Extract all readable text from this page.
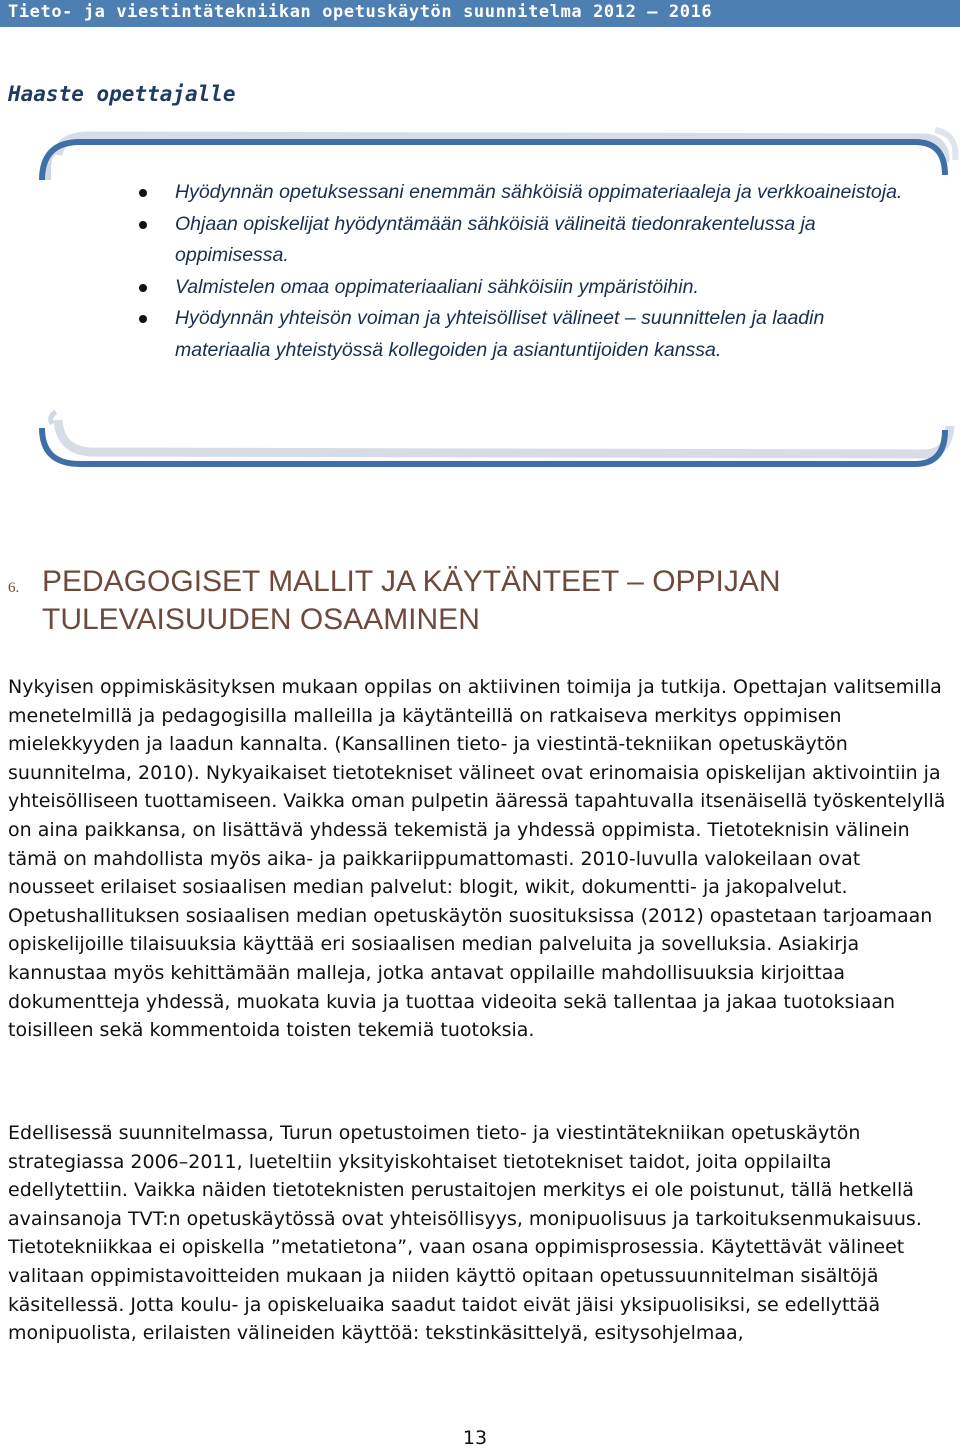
Tieto- ja viestintätekniikan opetuskäytön suunnitelma 2012 – 2016
Haaste opettajalle
Hyödynnän opetuksessani enemmän sähköisiä oppimateriaaleja ja verkkoaineistoja.
Ohjaan opiskelijat hyödyntämään sähköisiä välineitä tiedonrakentelussa ja oppimisessa.
Valmistelen omaa oppimateriaaliani sähköisiin ympäristöihin.
Hyödynnän yhteisön voiman ja yhteisölliset välineet – suunnittelen ja laadin materiaalia yhteistyössä kollegoiden ja asiantuntijoiden kanssa.
6. PEDAGOGISET MALLIT JA KÄYTÄNTEET – OPPIJAN TULEVAISUUDEN OSAAMINEN

Nykyisen oppimiskäsityksen mukaan oppilas on aktiivinen toimija ja tutkija. Opettajan valitsemilla menetelmillä ja pedagogisilla malleilla ja käytänteillä on ratkaiseva merkitys oppimisen mielekkyyden ja laadun kannalta. (Kansallinen tieto- ja viestintä-tekniikan opetuskäytön suunnitelma, 2010). Nykyaikaiset tietotekniset välineet ovat erinomaisia opiskelijan aktivointiin ja yhteisölliseen tuottamiseen. Vaikka oman pulpetin ääressä tapahtuvalla itsenäisellä työskentelyllä on aina paikkansa, on lisättävä yhdessä tekemistä ja yhdessä oppimista. Tietoteknisin välinein tämä on mahdollista myös aika- ja paikkariippumattomasti. 2010-luvulla valokeilaan ovat nousseet erilaiset sosiaalisen median palvelut: blogit, wikit, dokumentti- ja jakopalvelut. Opetushallituksen sosiaalisen median opetuskäytön suosituksissa (2012) opastetaan tarjoamaan opiskelijoille tilaisuuksia käyttää eri sosiaalisen median palveluita ja sovelluksia. Asiakirja kannustaa myös kehittämään malleja, jotka antavat oppilaille mahdollisuuksia kirjoittaa dokumentteja yhdessä, muokata kuvia ja tuottaa videoita sekä tallentaa ja jakaa tuotoksiaan toisilleen sekä kommentoida toisten tekemiä tuotoksia.

Edellisessä suunnitelmassa, Turun opetustoimen tieto- ja viestintätekniikan opetuskäytön strategiassa 2006–2011, lueteltiin yksityiskohtaiset tietotekniset taidot, joita oppilailta edellytettiin. Vaikka näiden tietoteknisten perustaitojen merkitys ei ole poistunut, tällä hetkellä avainsanoja TVT:n opetuskäytössä ovat yhteisöllisyys, monipuolisuus ja tarkoituksenmukaisuus. Tietotekniikkaa ei opiskella ”metatietona”, vaan osana oppimisprosessia. Käytettävät välineet valitaan oppimistavoitteiden mukaan ja niiden käyttö opitaan opetussuunnitelman sisältöjä käsitellessä. Jotta koulu- ja opiskeluaika saadut taidot eivät jäisi yksipuolisiksi, se edellyttää monipuolista, erilaisten välineiden käyttöä: tekstinkäsittelyä, esitysohjelmaa,

13
